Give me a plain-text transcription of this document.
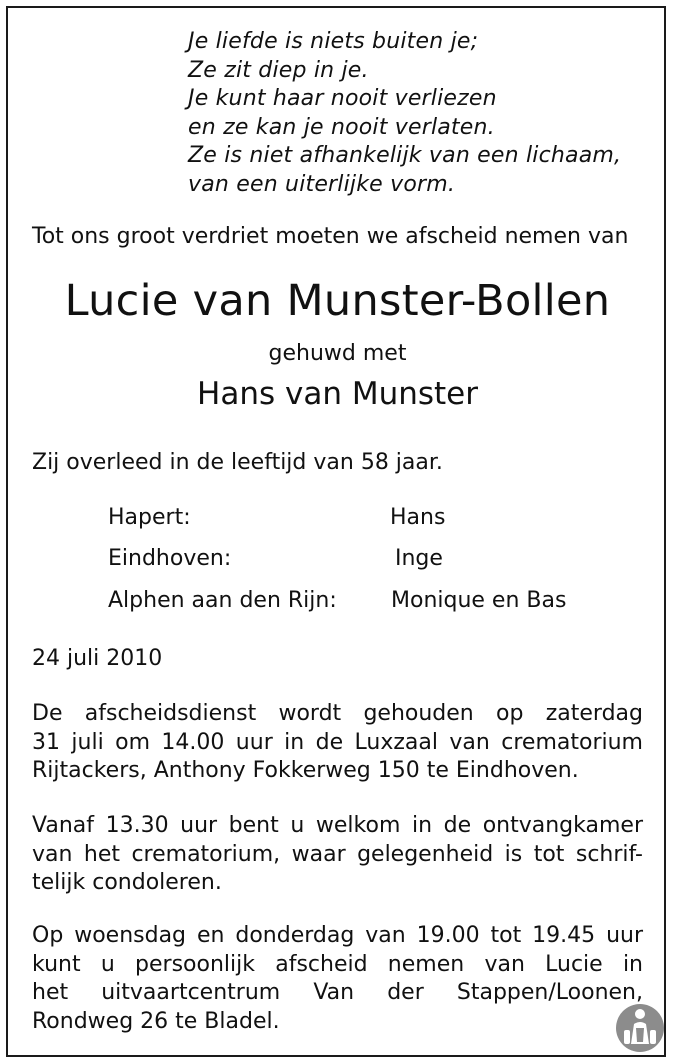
Je liefde is niets buiten je;
Ze zit diep in je.
Je kunt haar nooit verliezen
en ze kan je nooit verlaten.
Ze is niet afhankelijk van een lichaam,
van een uiterlijke vorm.
Tot ons groot verdriet moeten we afscheid nemen van
Lucie van Munster-Bollen
gehuwd met
Hans van Munster
Zij overleed in de leeftijd van 58 jaar.
Hapert:	Hans
Eindhoven:	Inge
Alphen aan den Rijn: Monique en Bas
24 juli 2010
De afscheidsdienst wordt gehouden op zaterdag
31 juli om 14.00 uur in de Luxzaal van crematorium
Rijtackers, Anthony Fokkerweg 150 te Eindhoven.
Vanaf 13.30 uur bent u welkom in de ontvangkamer
van het crematorium, waar gelegenheid is tot schrif-
telijk condoleren.
Op woensdag en donderdag van 19.00 tot 19.45 uur
kunt u persoonlijk afscheid nemen van Lucie in
het uitvaartcentrum Van der Stappen/Loonen,
Rondweg 26 te Bladel.
